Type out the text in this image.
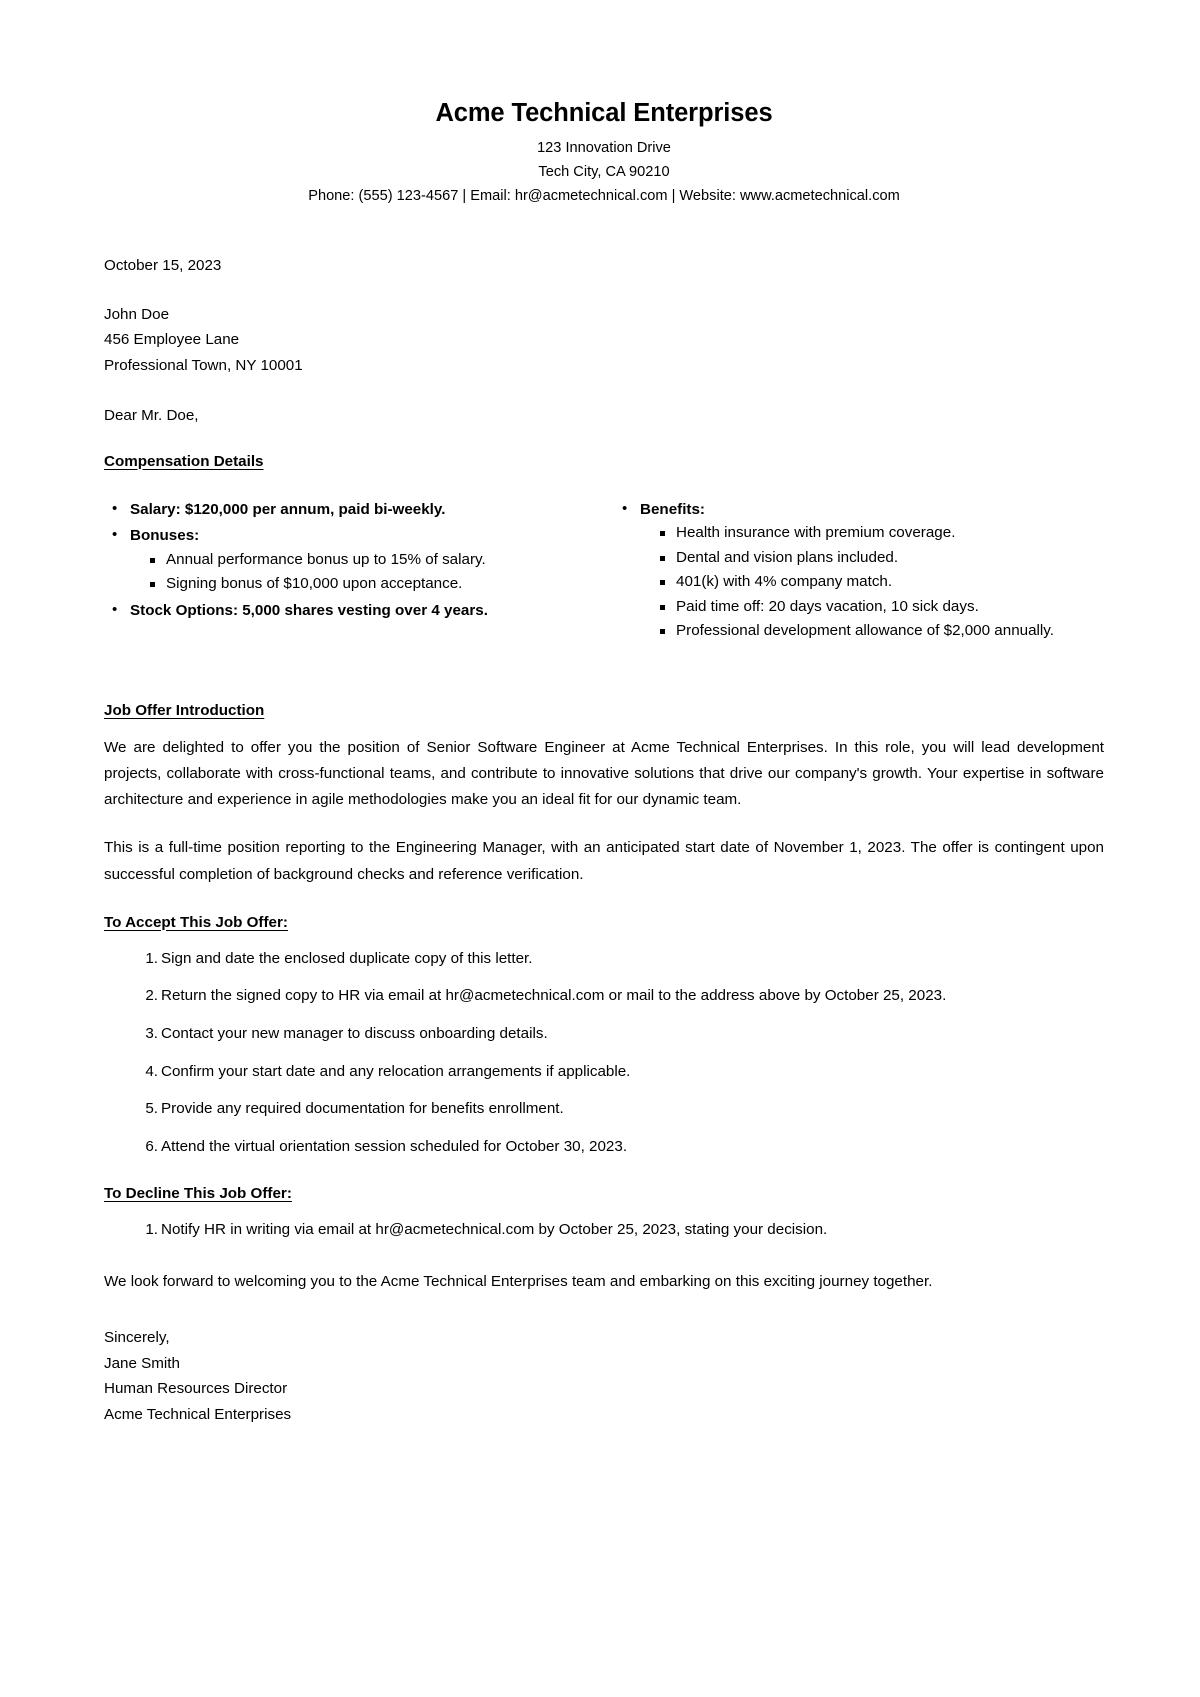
Acme Technical Enterprises

123 Innovation Drive

Tech City, CA 90210

Phone: (555) 123-4567 | Email: hr@acmetechnical.com | Website: www.acmetechnical.com

October 15, 2023

John Doe

456 Employee Lane

Professional Town, NY 10001

Dear Mr. Doe,

Compensation Details
• Salary: $120,000 per annum, paid bi-weekly.
• Bonuses:
Annual performance bonus up to 15% of salary.
Signing bonus of $10,000 upon acceptance.
• Stock Options: 5,000 shares vesting over 4 years.
• Benefits:
Health insurance with premium coverage.
Dental and vision plans included.
401(k) with 4% company match.
Paid time off: 20 days vacation, 10 sick days.
Professional development allowance of $2,000 annually.
Job Offer Introduction

We are delighted to offer you the position of Senior Software Engineer at Acme Technical Enterprises. In this role, you will lead development projects, collaborate with cross-functional teams, and contribute to innovative solutions that drive our company's growth. Your expertise in software architecture and experience in agile methodologies make you an ideal fit for our dynamic team.

This is a full-time position reporting to the Engineering Manager, with an anticipated start date of November 1, 2023. The offer is contingent upon successful completion of background checks and reference verification.

To Accept This Job Offer:
Sign and date the enclosed duplicate copy of this letter.
Return the signed copy to HR via email at hr@acmetechnical.com or mail to the address above by October 25, 2023.
Contact your new manager to discuss onboarding details.
Confirm your start date and any relocation arrangements if applicable.
Provide any required documentation for benefits enrollment.
Attend the virtual orientation session scheduled for October 30, 2023.
To Decline This Job Offer:
Notify HR in writing via email at hr@acmetechnical.com by October 25, 2023, stating your decision.

We look forward to welcoming you to the Acme Technical Enterprises team and embarking on this exciting journey together.

Sincerely,

Jane Smith

Human Resources Director

Acme Technical Enterprises
